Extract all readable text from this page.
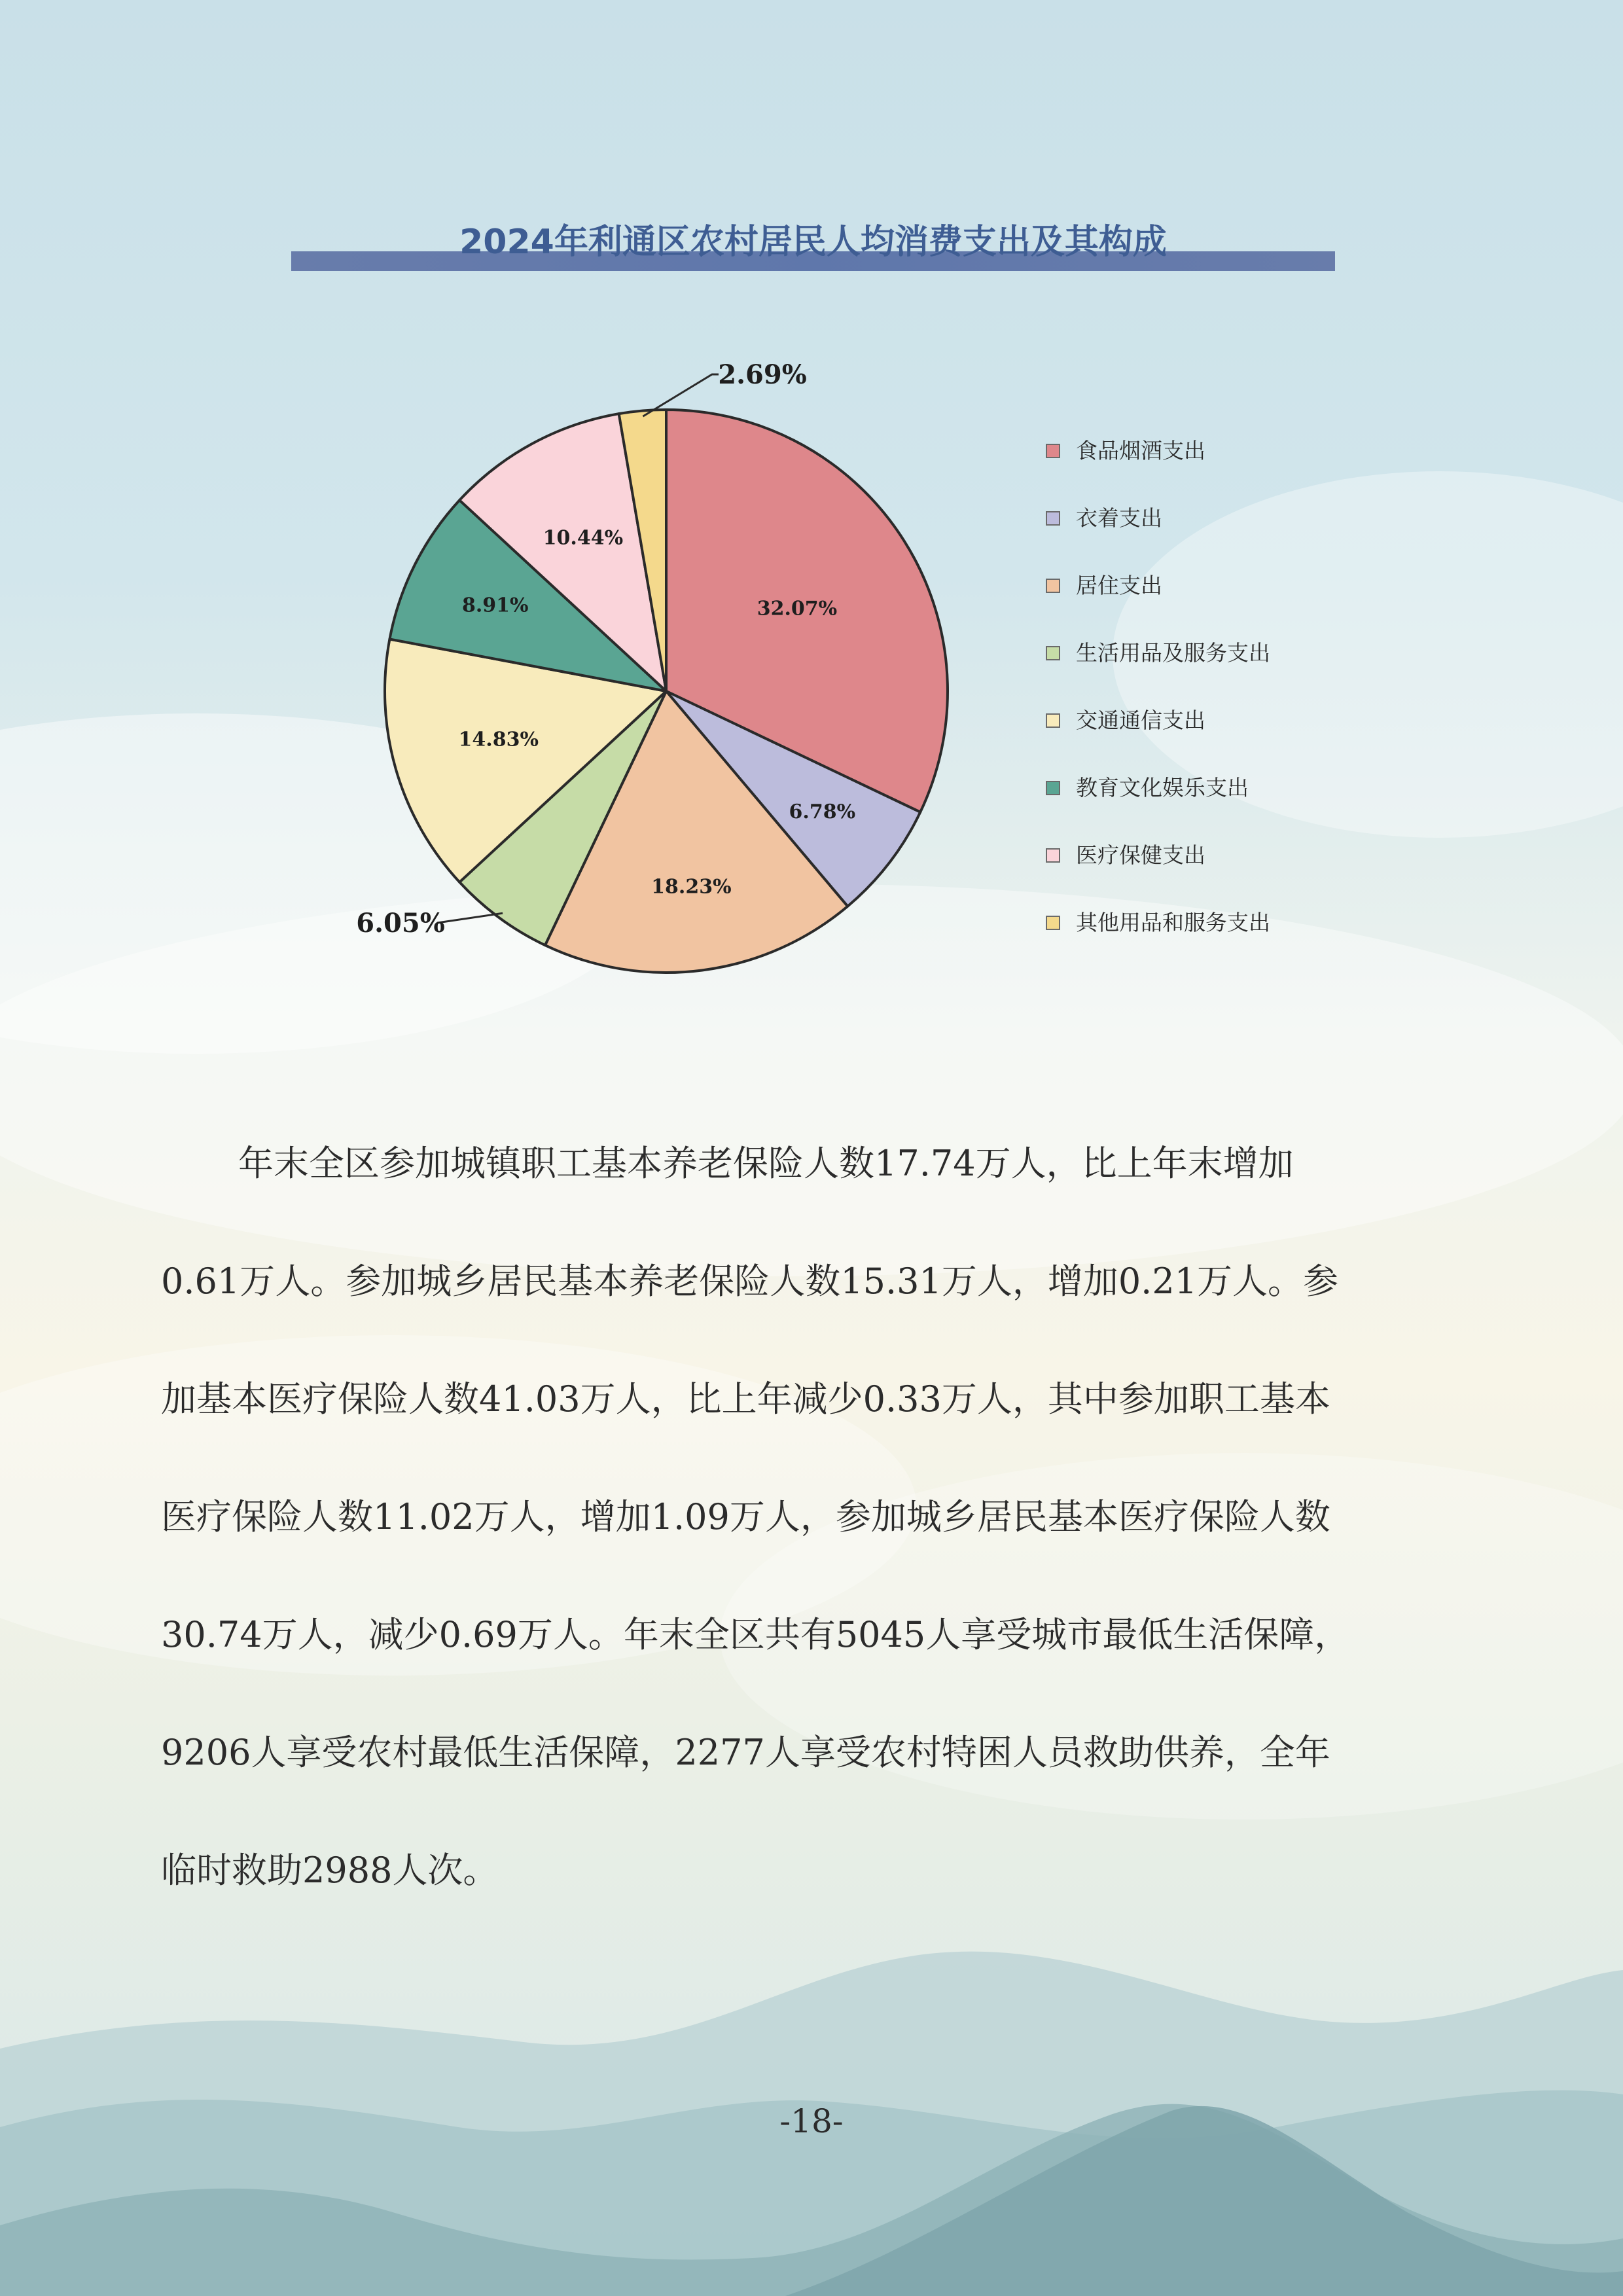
2024年利通区农村居民人均消费支出及其构成
32.07%
6.78%
18.23%
6.05%
14.83%
8.91%
10.44%
2.69%
食品烟酒支出
衣着支出
居住支出
生活用品及服务支出
交通通信支出
教育文化娱乐支出
医疗保健支出
其他用品和服务支出
年末全区参加城镇职工基本养老保险人数17.74万人，比上年末增加
0.61万人。参加城乡居民基本养老保险人数15.31万人，增加0.21万人。参
加基本医疗保险人数41.03万人，比上年减少0.33万人，其中参加职工基本
医疗保险人数11.02万人，增加1.09万人，参加城乡居民基本医疗保险人数
30.74万人，减少0.69万人。年末全区共有5045人享受城市最低生活保障，
9206人享受农村最低生活保障，2277人享受农村特困人员救助供养，全年
临时救助2988人次。
-18-
